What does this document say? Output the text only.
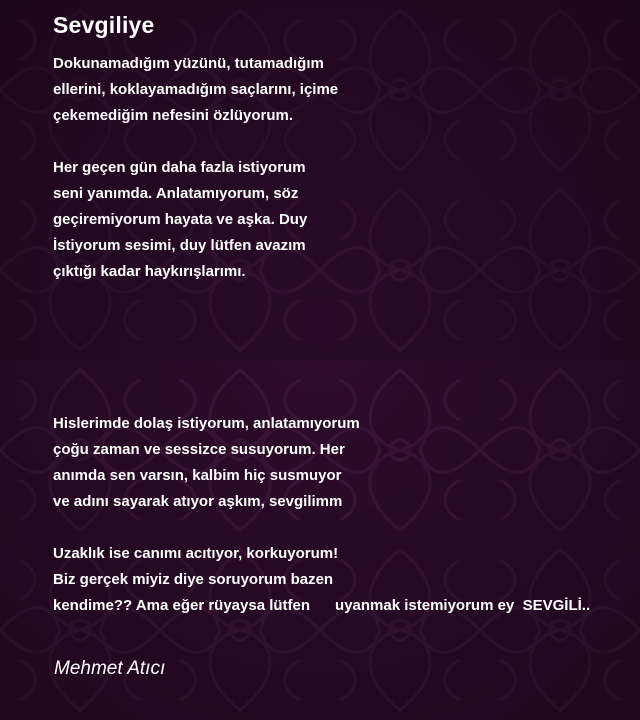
Sevgiliye

Dokunamadığım yüzünü, tutamadığım
ellerini, koklayamadığım saçlarını, içime
çekemediğim nefesini özlüyorum.

Her geçen gün daha fazla istiyorum
seni yanımda. Anlatamıyorum, söz
geçiremiyorum hayata ve aşka. Duy
İstiyorum sesimi, duy lütfen avazım
çıktığı kadar haykırışlarımı.

Hislerimde dolaş istiyorum, anlatamıyorum
çoğu zaman ve sessizce susuyorum. Her
anımda sen varsın, kalbim hiç susmuyor
ve adını sayarak atıyor aşkım, sevgilimm

Uzaklık ise canımı acıtıyor, korkuyorum!
Biz gerçek miyiz diye soruyorum bazen
kendime?? Ama eğer rüyaysa lütfen      uyanmak istemiyorum ey  SEVGİLİ..

Mehmet Atıcı
